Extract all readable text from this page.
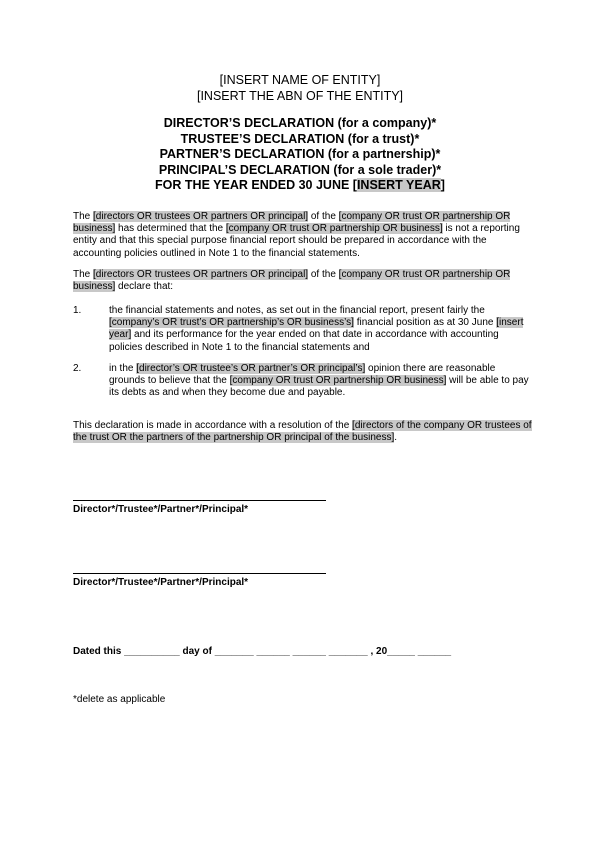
[INSERT NAME OF ENTITY]
[INSERT THE ABN OF THE ENTITY]
DIRECTOR’S DECLARATION (for a company)*
TRUSTEE’S DECLARATION (for a trust)*
PARTNER’S DECLARATION (for a partnership)*
PRINCIPAL’S DECLARATION (for a sole trader)*
FOR THE YEAR ENDED 30 JUNE [INSERT YEAR]
The [directors OR trustees OR partners OR principal] of the [company OR trust OR partnership OR business] has determined that the [company OR trust OR partnership OR business] is not a reporting entity and that this special purpose financial report should be prepared in accordance with the accounting policies outlined in Note 1 to the financial statements.
The [directors OR trustees OR partners OR principal] of the [company OR trust OR partnership OR business] declare that:
1.	the financial statements and notes, as set out in the financial report, present fairly the [company’s OR trust’s OR partnership’s OR business’s] financial position as at 30 June [insert year] and its performance for the year ended on that date in accordance with accounting policies described in Note 1 to the financial statements and
2.	in the [director’s OR trustee’s OR partner’s OR principal’s] opinion there are reasonable grounds to believe that the [company OR trust OR partnership OR business] will be able to pay its debts as and when they become due and payable.
This declaration is made in accordance with a resolution of the [directors of the company OR trustees of the trust OR the partners of the partnership OR principal of the business].
Director*/Trustee*/Partner*/Principal*
Director*/Trustee*/Partner*/Principal*
Dated this __________ day of _______ ______ ______ _______ , 20_____ ______
*delete as applicable
